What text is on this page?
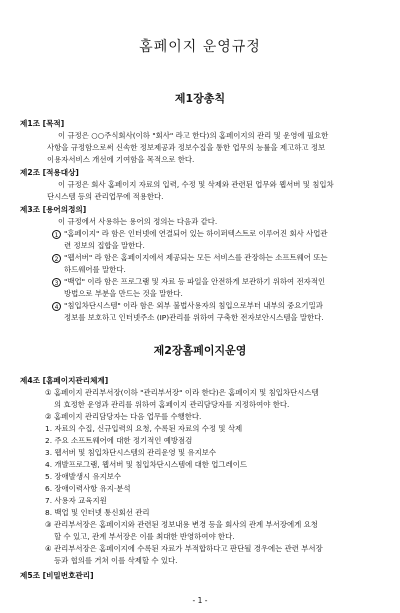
홈페이지 운영규정
제1장총칙
제1조 [목적]
이 규정은 ○○주식회사(이하 "회사" 라고 한다)의 홈페이지의 관리 및 운영에 필요한
사항을 규정함으로써 신속한 정보제공과 정보수집을 통한 업무의 능률을 제고하고 정보
이용자서비스 개선에 기여함을 목적으로 한다.
제2조 [적용대상]
이 규정은 회사 홈페이지 자료의 입력, 수정 및 삭제와 관련된 업무와 웹서버 및 침입차
단시스템 등의 관리업무에 적용한다.
제3조 [용어의정의]
이 규정에서 사용하는 용어의 정의는 다음과 같다.
1 "홈페이지" 라 함은 인터넷에 연결되어 있는 하이퍼텍스트로 이루어진 회사 사업관
련 정보의 집합을 말한다.
2 "웹서버" 라 함은 홈페이지에서 제공되는 모든 서비스를 관장하는 소프트웨어 또는
하드웨어를 말한다.
3 "백업" 이라 함은 프로그램 및 자료 등 파일을 안전하게 보관하기 위하여 전자적인
방법으로 부분을 만드는 것을 말한다.
4 "침입차단시스템" 이라 함은 외부 불법사용자의 침입으로부터 내부의 중요기밀과
정보를 보호하고 인터넷주소 (IP)관리를 위하여 구축한 전자보안시스템을 말한다.
제2장홈페이지운영
제4조 [홈페이지관리체계]
① 홈페이지 관리부서장(이하 "관리부서장" 이라 한다)은 홈페이지 및 침입차단시스템
의 효정한 운영과 관리를 위하여 홈페이지 관리담당자를 지정하여야 한다.
② 홈페이지 관리담당자는 다음 업무를 수행한다.
1. 자료의 수집, 신규입력의 요청, 수록된 자료의 수정 및 삭제
2. 주요 소프트웨어에 대한 정기적인 예방점검
3. 웹서버 및 침입차단시스템의 관리운영 및 유지보수
4. 개발프로그램, 웹서버 및 침입차단시스템에 대한 업그레이드
5. 장애발생시 유지보수
6. 장애이력사항 유지·분석
7. 사용자 교육지원
8. 백업 및 인터넷 통신회선 관리
③ 관리부서장은 홈페이지와 관련된 정보내용 변경 등을 회사의 관계 부서장에게 요청
할 수 있고, 관계 부서장은 이를 최대한 반영하여야 한다.
④ 관리부서장은 홈페이지에 수록된 자료가 부적합하다고 판단될 경우에는 관련 부서장
등과 협의를 거쳐 이를 삭제할 수 있다.
제5조 [비밀번호관리]
- 1 -
